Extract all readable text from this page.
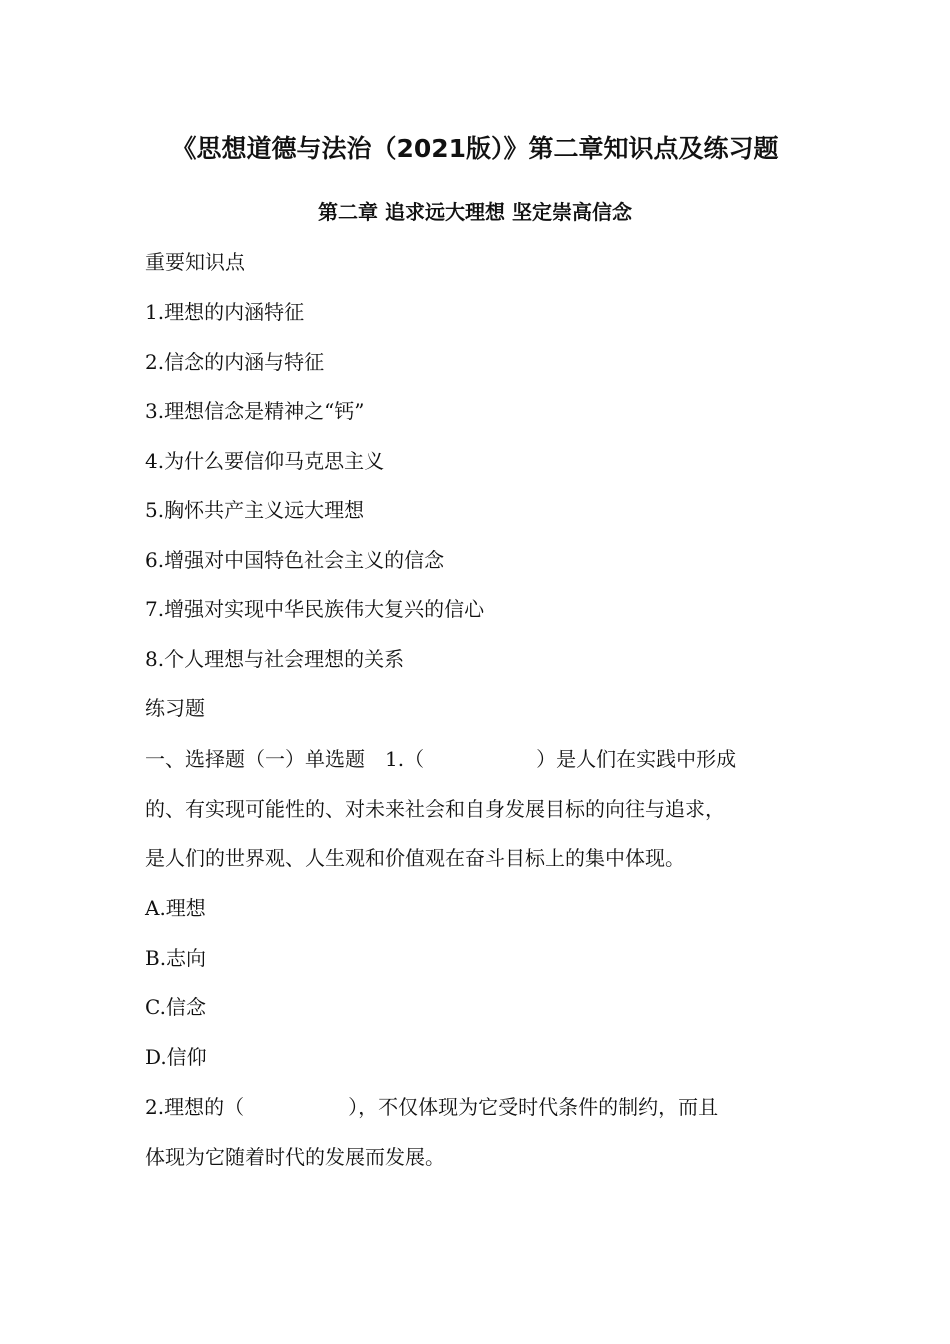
《思想道德与法治（2021版）》第二章知识点及练习题
第二章 追求远大理想 坚定崇高信念
重要知识点
1.理想的内涵特征
2.信念的内涵与特征
3.理想信念是精神之“钙”
4.为什么要信仰马克思主义
5.胸怀共产主义远大理想
6.增强对中国特色社会主义的信念
7.增强对实现中华民族伟大复兴的信心
8.个人理想与社会理想的关系
练习题
一、选择题（一）单选题　1.（	）是人们在实践中形成
的、有实现可能性的、对未来社会和自身发展目标的向往与追求，
是人们的世界观、人生观和价值观在奋斗目标上的集中体现。
A.理想
B.志向
C.信念
D.信仰
2.理想的（	），不仅体现为它受时代条件的制约，而且
体现为它随着时代的发展而发展。
